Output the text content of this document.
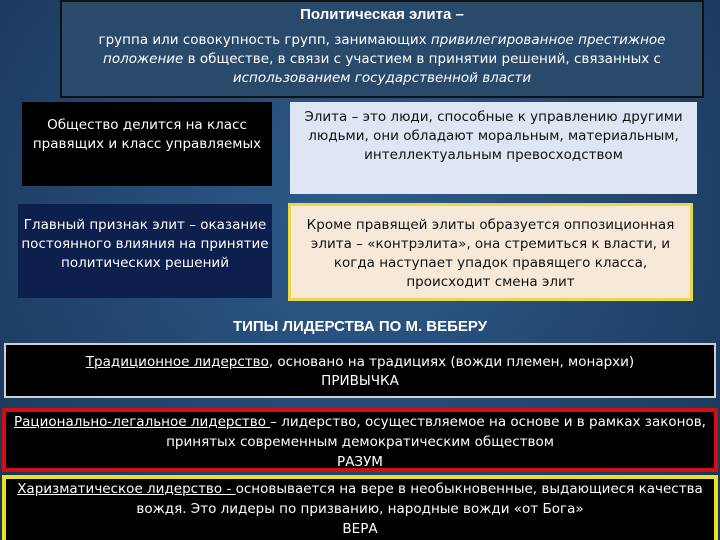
Политическая элита –
группа или совокупность групп, занимающих привилегированное престижное положение в обществе, в связи с участием в принятии решений, связанных с использованием государственной власти
Общество делится на класс правящих и класс управляемых
Элита – это люди, способные к управлению другими людьми, они обладают моральным, материальным, интеллектуальным превосходством
Главный признак элит – оказание постоянного влияния на принятие политических решений
Кроме правящей элиты образуется оппозиционная элита – «контрэлита», она стремиться к власти, и когда наступает упадок правящего класса, происходит смена элит
ТИПЫ ЛИДЕРСТВА ПО М. ВЕБЕРУ
Традиционное лидерство, основано на традициях (вожди племен, монархи)
ПРИВЫЧКА
Рационально-легальное лидерство – лидерство, осуществляемое на основе и в рамках законов, принятых современным демократическим обществом
РАЗУМ
Харизматическое лидерство - основывается на вере в необыкновенные, выдающиеся качества вождя. Это лидеры по призванию, народные вожди «от Бога»
ВЕРА
